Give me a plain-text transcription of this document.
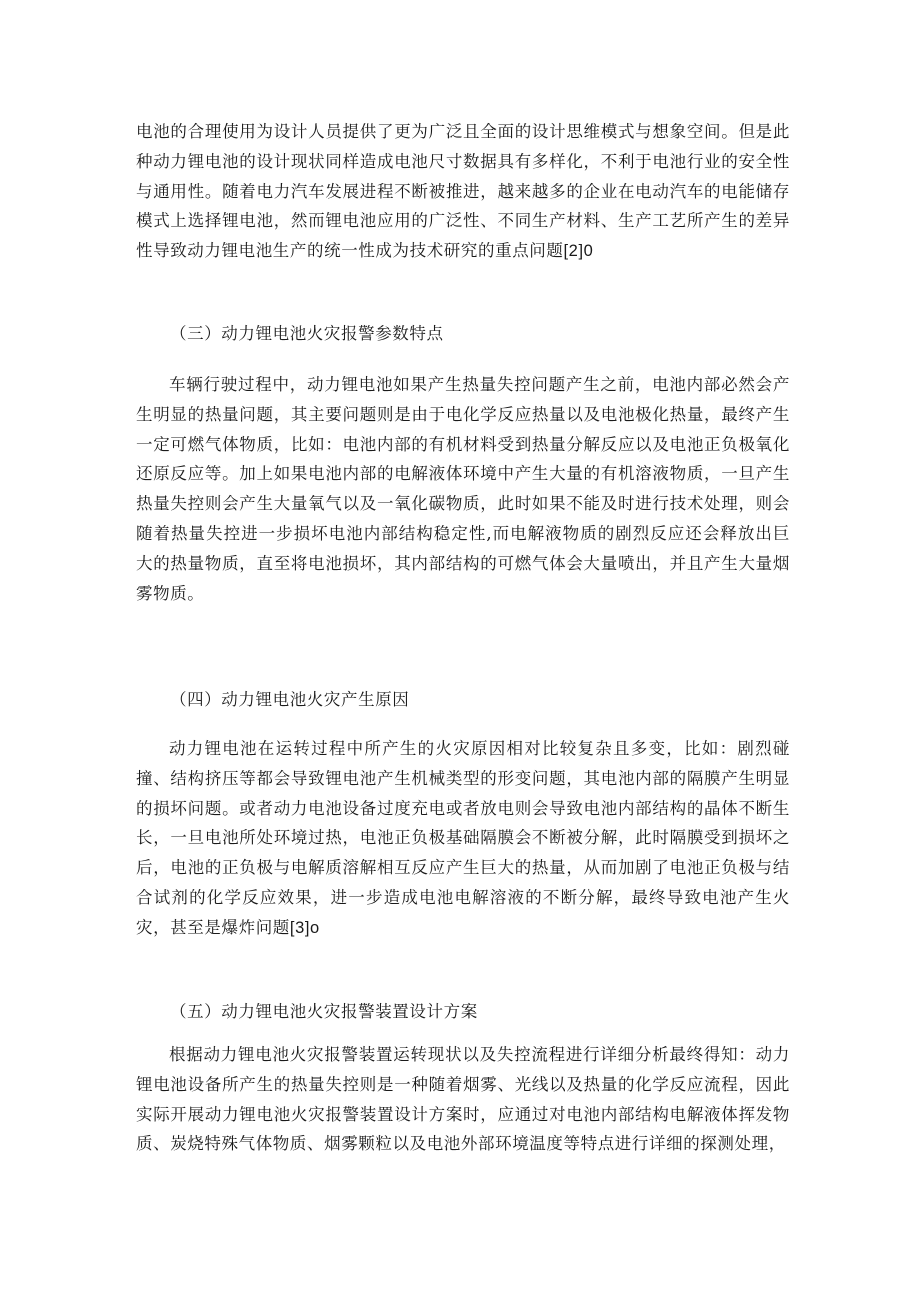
电池的合理使用为设计人员提供了更为广泛且全面的设计思维模式与想象空间。但是此种动力锂电池的设计现状同样造成电池尺寸数据具有多样化，不利于电池行业的安全性与通用性。随着电力汽车发展进程不断被推进，越来越多的企业在电动汽车的电能储存模式上选择锂电池，然而锂电池应用的广泛性、不同生产材料、生产工艺所产生的差异性导致动力锂电池生产的统一性成为技术研究的重点问题[2]0

（三）动力锂电池火灾报警参数特点

车辆行驶过程中，动力锂电池如果产生热量失控问题产生之前，电池内部必然会产生明显的热量问题，其主要问题则是由于电化学反应热量以及电池极化热量，最终产生一定可燃气体物质，比如：电池内部的有机材料受到热量分解反应以及电池正负极氧化还原反应等。加上如果电池内部的电解液体环境中产生大量的有机溶液物质，一旦产生热量失控则会产生大量氧气以及一氧化碳物质，此时如果不能及时进行技术处理，则会随着热量失控进一步损坏电池内部结构稳定性,而电解液物质的剧烈反应还会释放出巨大的热量物质，直至将电池损坏，其内部结构的可燃气体会大量喷出，并且产生大量烟雾物质。

（四）动力锂电池火灾产生原因

动力锂电池在运转过程中所产生的火灾原因相对比较复杂且多变，比如：剧烈碰撞、结构挤压等都会导致锂电池产生机械类型的形变问题，其电池内部的隔膜产生明显的损坏问题。或者动力电池设备过度充电或者放电则会导致电池内部结构的晶体不断生长，一旦电池所处环境过热，电池正负极基础隔膜会不断被分解，此时隔膜受到损坏之后，电池的正负极与电解质溶解相互反应产生巨大的热量，从而加剧了电池正负极与结合试剂的化学反应效果，进一步造成电池电解溶液的不断分解，最终导致电池产生火灾，甚至是爆炸问题[3]o

（五）动力锂电池火灾报警装置设计方案

根据动力锂电池火灾报警装置运转现状以及失控流程进行详细分析最终得知：动力锂电池设备所产生的热量失控则是一种随着烟雾、光线以及热量的化学反应流程，因此实际开展动力锂电池火灾报警装置设计方案时，应通过对电池内部结构电解液体挥发物质、炭烧特殊气体物质、烟雾颗粒以及电池外部环境温度等特点进行详细的探测处理，
